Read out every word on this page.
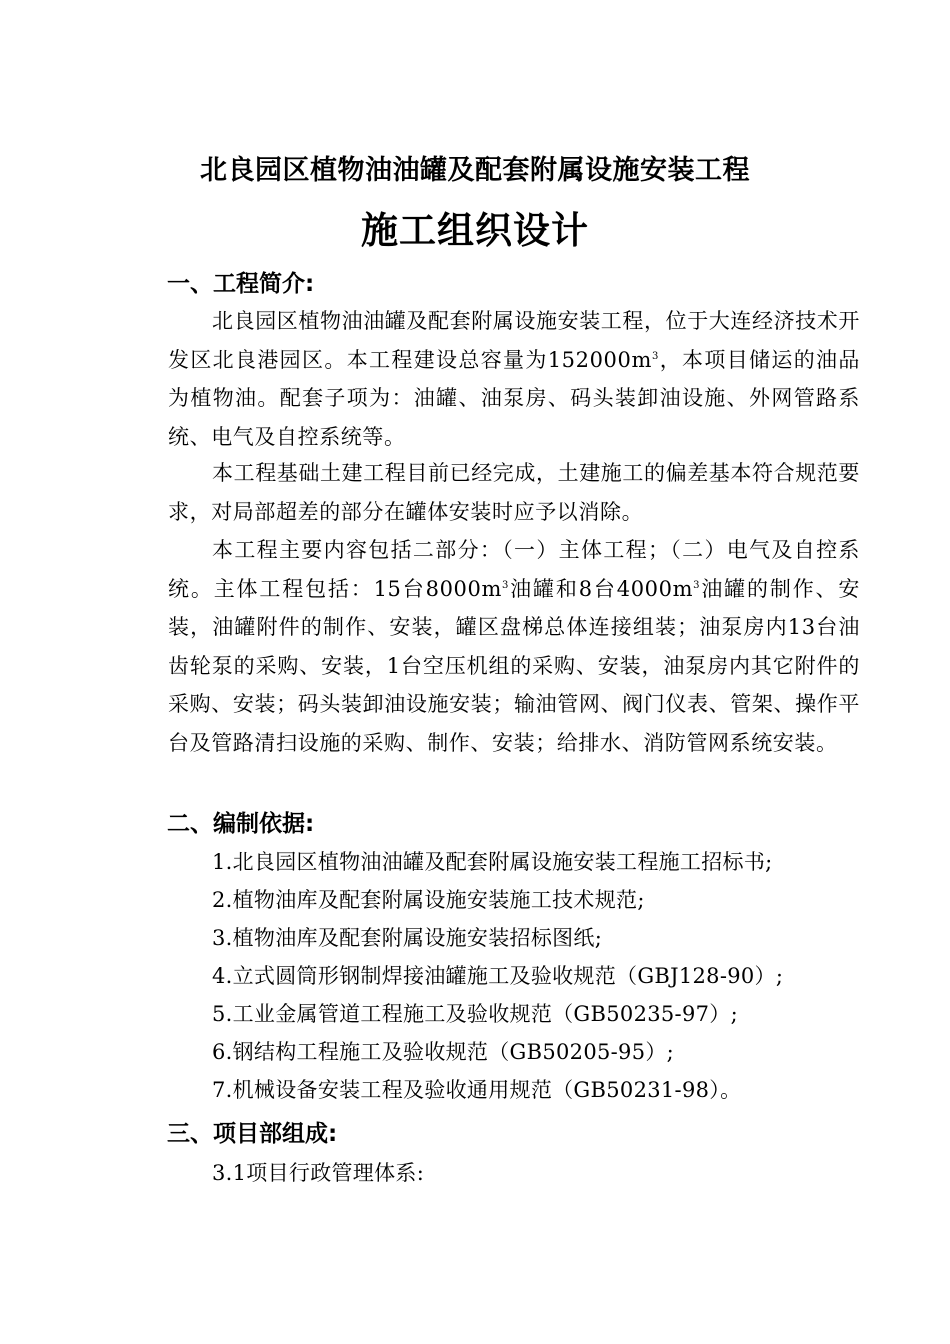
北良园区植物油油罐及配套附属设施安装工程
施工组织设计
一、工程简介:
北良园区植物油油罐及配套附属设施安装工程，位于大连经济技术开发区北良港园区。本工程建设总容量为$152000m^3$，本项目储运的油品为植物油。配套子项为：油罐、油泵房、码头装卸油设施、外网管路系统、电气及自控系统等。
本工程基础土建工程目前已经完成，土建施工的偏差基本符合规范要求，对局部超差的部分在罐体安装时应予以消除。
本工程主要内容包括二部分：（一）主体工程；（二）电气及自控系统。主体工程包括：15台$8000m^3$油罐和8台$4000m^3$油罐的制作、安装，油罐附件的制作、安装，罐区盘梯总体连接组装；油泵房内13台油齿轮泵的采购、安装，1台空压机组的采购、安装，油泵房内其它附件的采购、安装；码头装卸油设施安装；输油管网、阀门仪表、管架、操作平台及管路清扫设施的采购、制作、安装；给排水、消防管网系统安装。
二、编制依据:
1.北良园区植物油油罐及配套附属设施安装工程施工招标书;
2.植物油库及配套附属设施安装施工技术规范;
3.植物油库及配套附属设施安装招标图纸;
4.立式圆筒形钢制焊接油罐施工及验收规范（GBJ128-90）;
5.工业金属管道工程施工及验收规范（GB50235-97）;
6.钢结构工程施工及验收规范（GB50205-95）;
7.机械设备安装工程及验收通用规范（GB50231-98）。
三、项目部组成:
3.1项目行政管理体系:
